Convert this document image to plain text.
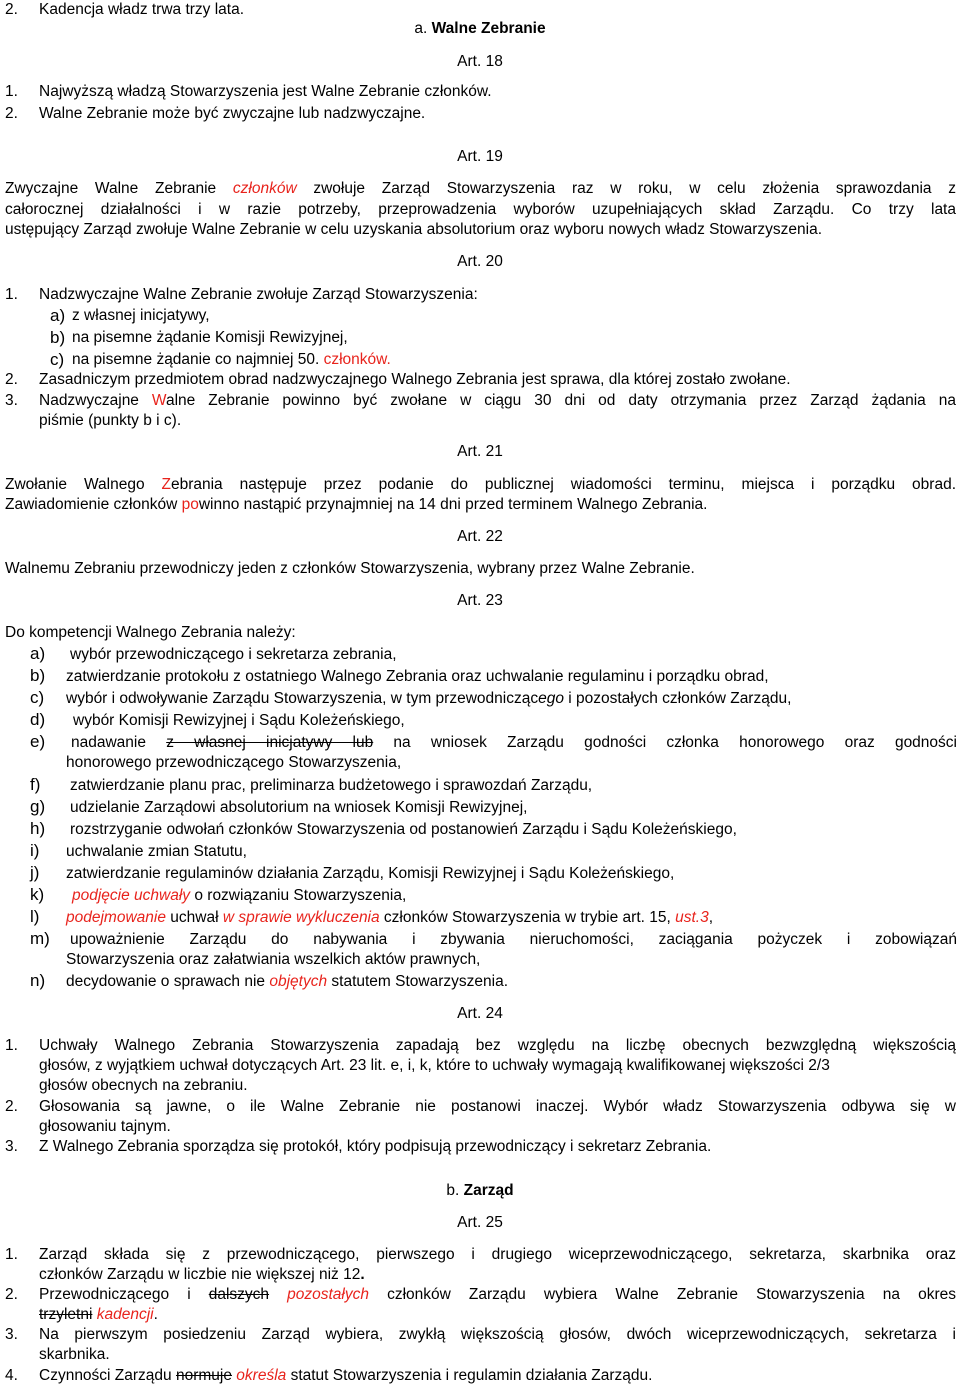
2. Kadencja władz trwa trzy lata.
a. Walne Zebranie
Art. 18
1. Najwyższą władzą Stowarzyszenia jest Walne Zebranie członków.
2. Walne Zebranie może być zwyczajne lub nadzwyczajne.
Art. 19
Zwyczajne Walne Zebranie członków zwołuje Zarząd Stowarzyszenia raz w roku, w celu złożenia sprawozdania z
całorocznej działalności i w razie potrzeby, przeprowadzenia wyborów uzupełniających skład Zarządu. Co trzy lata
ustępujący Zarząd zwołuje Walne Zebranie w celu uzyskania absolutorium oraz wyboru nowych władz Stowarzyszenia.
Art. 20
1. Nadzwyczajne Walne Zebranie zwołuje Zarząd Stowarzyszenia:
a) z własnej inicjatywy,
b) na pisemne żądanie Komisji Rewizyjnej,
c) na pisemne żądanie co najmniej 50. członków.
2. Zasadniczym przedmiotem obrad nadzwyczajnego Walnego Zebrania jest sprawa, dla której zostało zwołane.
3. Nadzwyczajne Walne Zebranie powinno być zwołane w ciągu 30 dni od daty otrzymania przez Zarząd żądania na
piśmie (punkty b i c).
Art. 21
Zwołanie Walnego Zebrania następuje przez podanie do publicznej wiadomości terminu, miejsca i porządku obrad.
Zawiadomienie członków powinno nastąpić przynajmniej na 14 dni przed terminem Walnego Zebrania.
Art. 22
Walnemu Zebraniu przewodniczy jeden z członków Stowarzyszenia, wybrany przez Walne Zebranie.
Art. 23
Do kompetencji Walnego Zebrania należy:
a) wybór przewodniczącego i sekretarza zebrania,
b) zatwierdzanie protokołu z ostatniego Walnego Zebrania oraz uchwalanie regulaminu i porządku obrad,
c) wybór i odwoływanie Zarządu Stowarzyszenia, w tym przewodniczącego i pozostałych członków Zarządu,
d) wybór Komisji Rewizyjnej i Sądu Koleżeńskiego,
e) nadawanie z własnej inicjatywy lub na wniosek Zarządu godności członka honorowego oraz godności
honorowego przewodniczącego Stowarzyszenia,
f) zatwierdzanie planu prac, preliminarza budżetowego i sprawozdań Zarządu,
g) udzielanie Zarządowi absolutorium na wniosek Komisji Rewizyjnej,
h) rozstrzyganie odwołań członków Stowarzyszenia od postanowień Zarządu i Sądu Koleżeńskiego,
i) uchwalanie zmian Statutu,
j) zatwierdzanie regulaminów działania Zarządu, Komisji Rewizyjnej i Sądu Koleżeńskiego,
k) podjęcie uchwały o rozwiązaniu Stowarzyszenia,
l) podejmowanie uchwał w sprawie wykluczenia członków Stowarzyszenia w trybie art. 15, ust.3,
m) upoważnienie Zarządu do nabywania i zbywania nieruchomości, zaciągania pożyczek i zobowiązań
Stowarzyszenia oraz załatwiania wszelkich aktów prawnych,
n) decydowanie o sprawach nie objętych statutem Stowarzyszenia.
Art. 24
1. Uchwały Walnego Zebrania Stowarzyszenia zapadają bez względu na liczbę obecnych bezwzględną większością
głosów, z wyjątkiem uchwał dotyczących Art. 23 lit. e, i, k, które to uchwały wymagają kwalifikowanej większości 2/3
głosów obecnych na zebraniu.
2. Głosowania są jawne, o ile Walne Zebranie nie postanowi inaczej. Wybór władz Stowarzyszenia odbywa się w
głosowaniu tajnym.
3. Z Walnego Zebrania sporządza się protokół, który podpisują przewodniczący i sekretarz Zebrania.
b. Zarząd
Art. 25
1. Zarząd składa się z przewodniczącego, pierwszego i drugiego wiceprzewodniczącego, sekretarza, skarbnika oraz
członków Zarządu w liczbie nie większej niż 12.
2. Przewodniczącego i dalszych pozostałych członków Zarządu wybiera Walne Zebranie Stowarzyszenia na okres
trzyletni kadencji.
3. Na pierwszym posiedzeniu Zarząd wybiera, zwykłą większością głosów, dwóch wiceprzewodniczących, sekretarza i
skarbnika.
4. Czynności Zarządu normuje określa statut Stowarzyszenia i regulamin działania Zarządu.
